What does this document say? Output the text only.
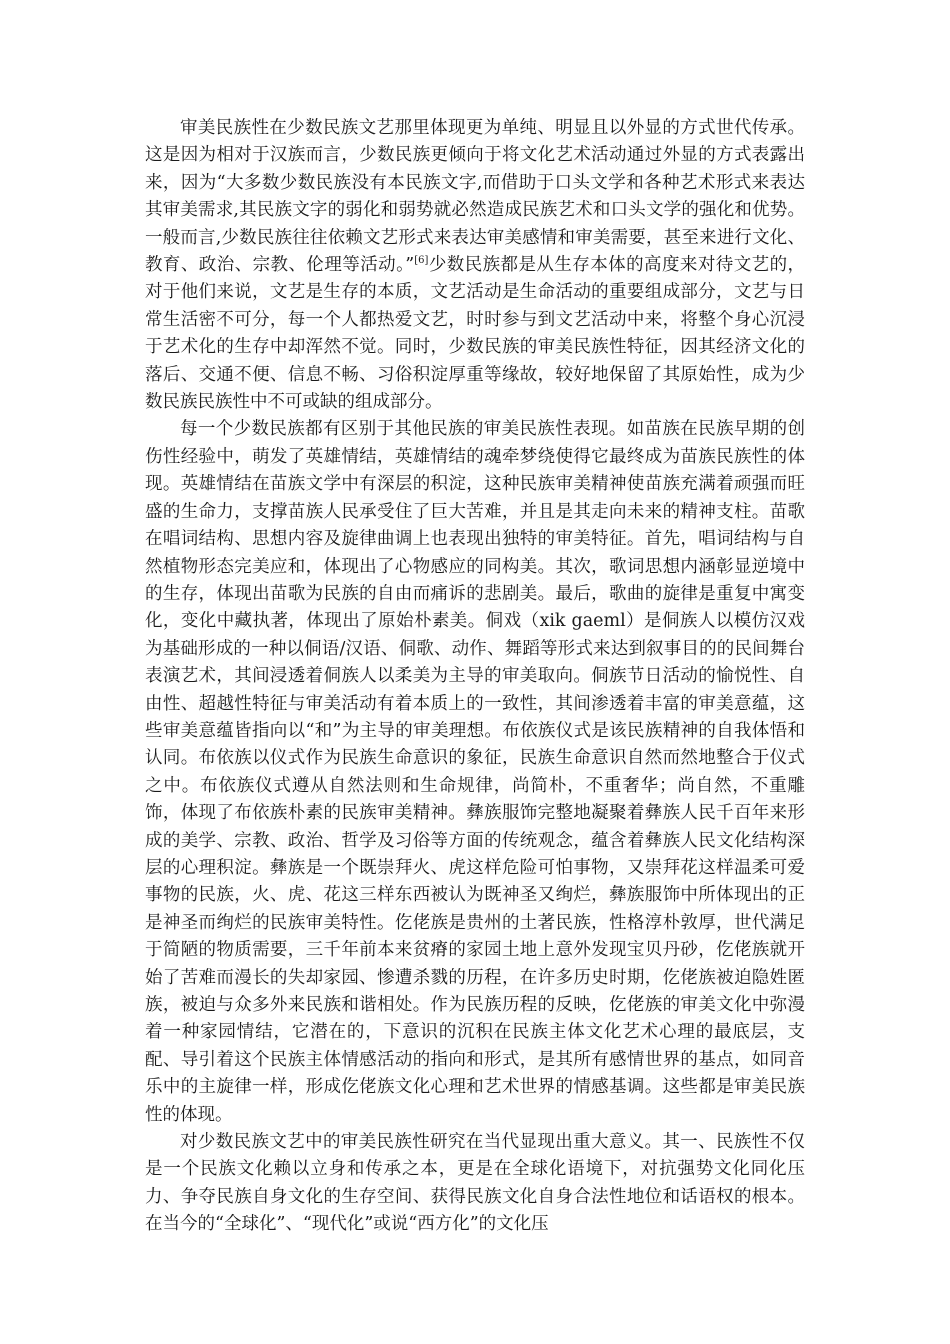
审美民族性在少数民族文艺那里体现更为单纯、明显且以外显的方式世代传承。这是因为相对于汉族而言，少数民族更倾向于将文化艺术活动通过外显的方式表露出来，因为“大多数少数民族没有本民族文字,而借助于口头文学和各种艺术形式来表达其审美需求,其民族文字的弱化和弱势就必然造成民族艺术和口头文学的强化和优势。一般而言,少数民族往往依赖文艺形式来表达审美感情和审美需要，甚至来进行文化、教育、政治、宗教、伦理等活动。”[6]少数民族都是从生存本体的高度来对待文艺的，对于他们来说，文艺是生存的本质，文艺活动是生命活动的重要组成部分，文艺与日常生活密不可分，每一个人都热爱文艺，时时参与到文艺活动中来，将整个身心沉浸于艺术化的生存中却浑然不觉。同时，少数民族的审美民族性特征，因其经济文化的落后、交通不便、信息不畅、习俗积淀厚重等缘故，较好地保留了其原始性，成为少数民族民族性中不可或缺的组成部分。

每一个少数民族都有区别于其他民族的审美民族性表现。如苗族在民族早期的创伤性经验中，萌发了英雄情结，英雄情结的魂牵梦绕使得它最终成为苗族民族性的体现。英雄情结在苗族文学中有深层的积淀，这种民族审美精神使苗族充满着顽强而旺盛的生命力，支撑苗族人民承受住了巨大苦难，并且是其走向未来的精神支柱。苗歌在唱词结构、思想内容及旋律曲调上也表现出独特的审美特征。首先，唱词结构与自然植物形态完美应和，体现出了心物感应的同构美。其次，歌词思想内涵彰显逆境中的生存，体现出苗歌为民族的自由而痛诉的悲剧美。最后，歌曲的旋律是重复中寓变化，变化中藏执著，体现出了原始朴素美。侗戏（xik gaeml）是侗族人以模仿汉戏为基础形成的一种以侗语/汉语、侗歌、动作、舞蹈等形式来达到叙事目的的民间舞台表演艺术，其间浸透着侗族人以柔美为主导的审美取向。侗族节日活动的愉悦性、自由性、超越性特征与审美活动有着本质上的一致性，其间渗透着丰富的审美意蕴，这些审美意蕴皆指向以“和”为主导的审美理想。布依族仪式是该民族精神的自我体悟和认同。布依族以仪式作为民族生命意识的象征，民族生命意识自然而然地整合于仪式之中。布依族仪式遵从自然法则和生命规律，尚简朴，不重奢华；尚自然，不重雕饰，体现了布依族朴素的民族审美精神。彝族服饰完整地凝聚着彝族人民千百年来形成的美学、宗教、政治、哲学及习俗等方面的传统观念，蕴含着彝族人民文化结构深层的心理积淀。彝族是一个既崇拜火、虎这样危险可怕事物，又崇拜花这样温柔可爱事物的民族，火、虎、花这三样东西被认为既神圣又绚烂，彝族服饰中所体现出的正是神圣而绚烂的民族审美特性。仡佬族是贵州的土著民族，性格淳朴敦厚，世代满足于简陋的物质需要，三千年前本来贫瘠的家园土地上意外发现宝贝丹砂，仡佬族就开始了苦难而漫长的失却家园、惨遭杀戮的历程，在许多历史时期，仡佬族被迫隐姓匿族，被迫与众多外来民族和谐相处。作为民族历程的反映，仡佬族的审美文化中弥漫着一种家园情结，它潜在的，下意识的沉积在民族主体文化艺术心理的最底层，支配、导引着这个民族主体情感活动的指向和形式，是其所有感情世界的基点，如同音乐中的主旋律一样，形成仡佬族文化心理和艺术世界的情感基调。这些都是审美民族性的体现。

对少数民族文艺中的审美民族性研究在当代显现出重大意义。其一、民族性不仅是一个民族文化赖以立身和传承之本，更是在全球化语境下，对抗强势文化同化压力、争夺民族自身文化的生存空间、获得民族文化自身合法性地位和话语权的根本。在当今的“全球化”、“现代化”或说“西方化”的文化压
